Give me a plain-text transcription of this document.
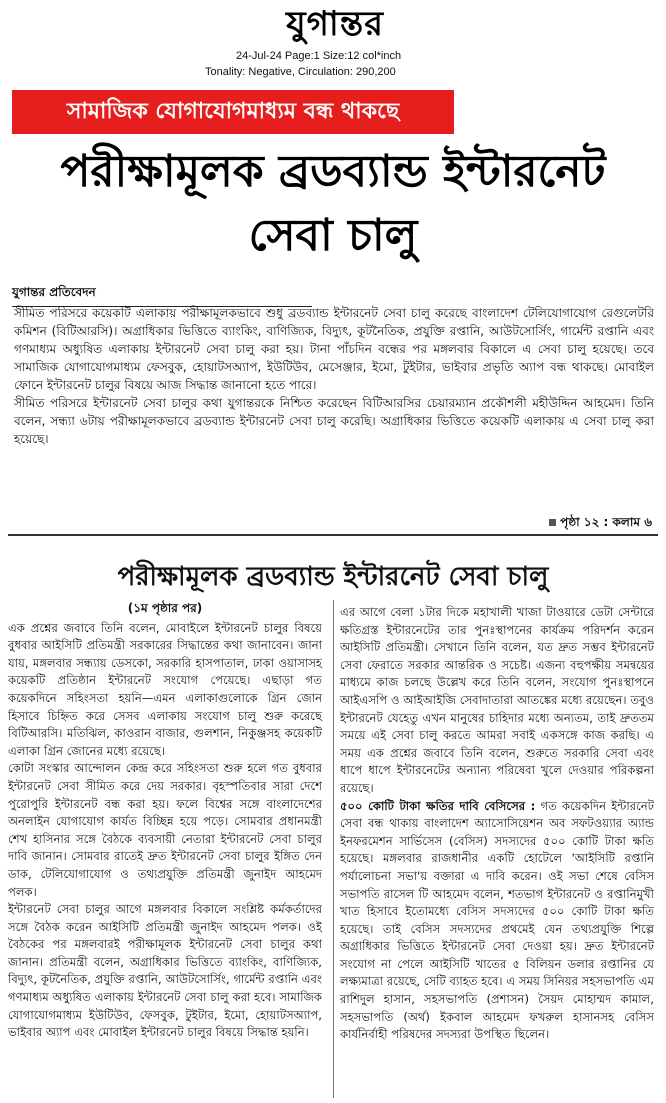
যুগান্তর
24-Jul-24 Page:1 Size:12 col*inch
Tonality: Negative, Circulation: 290,200
সামাজিক যোগাযোগমাধ্যম বন্ধ থাকছে
পরীক্ষামূলক ব্রডব্যান্ড ইন্টারনেট সেবা চালু
যুগান্তর প্রতিবেদন

সীমিত পরিসরে কয়েকটি এলাকায় পরীক্ষামূলকভাবে শুধু ব্রডব্যান্ড ইন্টারনেট সেবা চালু করেছে বাংলাদেশ টেলিযোগাযোগ রেগুলেটরি কমিশন (বিটিআরসি)। অগ্রাধিকার ভিত্তিতে ব্যাংকিং, বাণিজ্যিক, বিদ্যুৎ, কূটনৈতিক, প্রযুক্তি রপ্তানি, আউটসোর্সিং, গার্মেন্ট রপ্তানি এবং গণমাধ্যম অধ্যুষিত এলাকায় ইন্টারনেট সেবা চালু করা হয়। টানা পাঁচদিন বন্ধের পর মঙ্গলবার বিকালে এ সেবা চালু হয়েছে। তবে সামাজিক যোগাযোগমাধ্যম ফেসবুক, হোয়াটসঅ্যাপ, ইউটিউব, মেসেঞ্জার, ইমো, টুইটার, ভাইবার প্রভৃতি অ্যাপ বন্ধ থাকছে। মোবাইল ফোনে ইন্টারনেট চালুর বিষয়ে আজ সিদ্ধান্ত জানানো হতে পারে।

সীমিত পরিসরে ইন্টারনেট সেবা চালুর কথা যুগান্তরকে নিশ্চিত করেছেন বিটিআরসির চেয়ারম্যান প্রকৌশলী মহীউদ্দিন আহমেদ। তিনি বলেন, সন্ধ্যা ৬টায় পরীক্ষামূলকভাবে ব্রডব্যান্ড ইন্টারনেট সেবা চালু করেছি। অগ্রাধিকার ভিত্তিতে কয়েকটি এলাকায় এ সেবা চালু করা হয়েছে।

পৃষ্ঠা ১২ : কলাম ৬
পরীক্ষামূলক ব্রডব্যান্ড ইন্টারনেট সেবা চালু
(১ম পৃষ্ঠার পর)

এক প্রশ্নের জবাবে তিনি বলেন, মোবাইলে ইন্টারনেট চালুর বিষয়ে বুধবার আইসিটি প্রতিমন্ত্রী সরকারের সিদ্ধান্তের কথা জানাবেন। জানা যায়, মঙ্গলবার সন্ধ্যায় ডেসকো, সরকারি হাসপাতাল, ঢাকা ওয়াসাসহ কয়েকটি প্রতিষ্ঠান ইন্টারনেট সংযোগ পেয়েছে। এছাড়া গত কয়েকদিনে সহিংসতা হয়নি—এমন এলাকাগুলোকে গ্রিন জোন হিসাবে চিহ্নিত করে সেসব এলাকায় সংযোগ চালু শুরু করেছে বিটিআরসি। মতিঝিল, কাওরান বাজার, গুলশান, নিকুঞ্জসহ কয়েকটি এলাকা গ্রিন জোনের মধ্যে রয়েছে।

কোটা সংস্কার আন্দোলন কেন্দ্র করে সহিংসতা শুরু হলে গত বুধবার ইন্টারনেট সেবা সীমিত করে দেয় সরকার। বৃহস্পতিবার সারা দেশে পুরোপুরি ইন্টারনেট বন্ধ করা হয়। ফলে বিশ্বের সঙ্গে বাংলাদেশের অনলাইন যোগাযোগ কার্যত বিচ্ছিন্ন হয়ে পড়ে। সোমবার প্রধানমন্ত্রী শেখ হাসিনার সঙ্গে বৈঠকে ব্যবসায়ী নেতারা ইন্টারনেট সেবা চালুর দাবি জানান। সোমবার রাতেই দ্রুত ইন্টারনেট সেবা চালুর ইঙ্গিত দেন ডাক, টেলিযোগাযোগ ও তথ্যপ্রযুক্তি প্রতিমন্ত্রী জুনাইদ আহমেদ পলক।

ইন্টারনেট সেবা চালুর আগে মঙ্গলবার বিকালে সংশ্লিষ্ট কর্মকর্তাদের সঙ্গে বৈঠক করেন আইসিটি প্রতিমন্ত্রী জুনাইদ আহমেদ পলক। ওই বৈঠকের পর মঙ্গলবারই পরীক্ষামূলক ইন্টারনেট সেবা চালুর কথা জানান। প্রতিমন্ত্রী বলেন, অগ্রাধিকার ভিত্তিতে ব্যাংকিং, বাণিজ্যিক, বিদ্যুৎ, কূটনৈতিক, প্রযুক্তি রপ্তানি, আউটসোর্সিং, গার্মেন্ট রপ্তানি এবং গণমাধ্যম অধ্যুষিত এলাকায় ইন্টারনেট সেবা চালু করা হবে। সামাজিক যোগাযোগমাধ্যম ইউটিউব, ফেসবুক, টুইটার, ইমো, হোয়াটসঅ্যাপ, ভাইবার অ্যাপ এবং মোবাইল ইন্টারনেট চালুর বিষয়ে সিদ্ধান্ত হয়নি।

এর আগে বেলা ১টার দিকে মহাখালী খাজা টাওয়ারে ডেটা সেন্টারে ক্ষতিগ্রস্ত ইন্টারনেটের তার পুনঃস্থাপনের কার্যক্রম পরিদর্শন করেন আইসিটি প্রতিমন্ত্রী। সেখানে তিনি বলেন, যত দ্রুত সম্ভব ইন্টারনেট সেবা ফেরাতে সরকার আন্তরিক ও সচেষ্ট। এজন্য বহুপক্ষীয় সমন্বয়ের মাধ্যমে কাজ চলছে উল্লেখ করে তিনি বলেন, সংযোগ পুনঃস্থাপনে আইএসপি ও আইআইজি সেবাদাতারা আতঙ্কের মধ্যে রয়েছেন। তবুও ইন্টারনেট যেহেতু এখন মানুষের চাহিদার মধ্যে অন্যতম, তাই দ্রুততম সময়ে এই সেবা চালু করতে আমরা সবাই একসঙ্গে কাজ করছি। এ সময় এক প্রশ্নের জবাবে তিনি বলেন, শুরুতে সরকারি সেবা এবং ধাপে ধাপে ইন্টারনেটের অন্যান্য পরিষেবা খুলে দেওয়ার পরিকল্পনা রয়েছে।

৫০০ কোটি টাকা ক্ষতির দাবি বেসিসের : গত কয়েকদিন ইন্টারনেট সেবা বন্ধ থাকায় বাংলাদেশ অ্যাসোসিয়েশন অব সফটওয়্যার অ্যান্ড ইনফরমেশন সার্ভিসেস (বেসিস) সদস্যদের ৫০০ কোটি টাকা ক্ষতি হয়েছে। মঙ্গলবার রাজধানীর একটি হোটেলে 'আইসিটি রপ্তানি পর্যালোচনা সভা'য় বক্তারা এ দাবি করেন। ওই সভা শেষে বেসিস সভাপতি রাসেল টি আহমেদ বলেন, শতভাগ ইন্টারনেট ও রপ্তানিমুখী খাত হিসাবে ইতোমধ্যে বেসিস সদস্যদের ৫০০ কোটি টাকা ক্ষতি হয়েছে। তাই বেসিস সদস্যদের প্রথমেই যেন তথ্যপ্রযুক্তি শিল্পে অগ্রাধিকার ভিত্তিতে ইন্টারনেট সেবা দেওয়া হয়। দ্রুত ইন্টারনেট সংযোগ না পেলে আইসিটি খাতের ৫ বিলিয়ন ডলার রপ্তানির যে লক্ষ্যমাত্রা রয়েছে, সেটি ব্যাহত হবে। এ সময় সিনিয়র সহসভাপতি এম রাশিদুল হাসান, সহসভাপতি (প্রশাসন) সৈয়দ মোহাম্মদ কামাল, সহসভাপতি (অর্থ) ইকবাল আহমেদ ফখরুল হাসানসহ বেসিস কার্যনির্বাহী পরিষদের সদস্যরা উপস্থিত ছিলেন।
